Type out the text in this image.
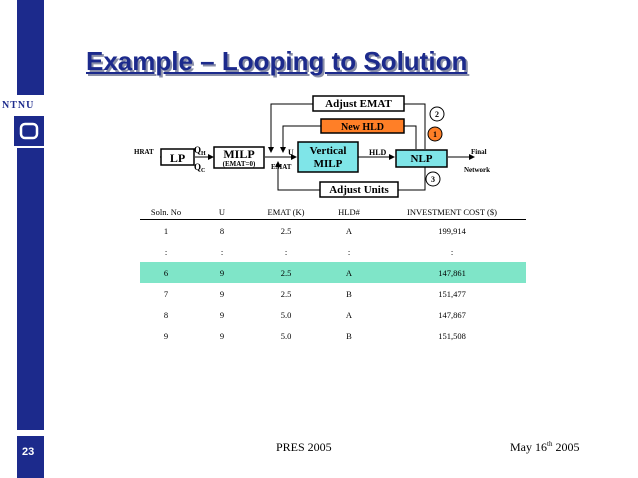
NTNU
23
Example – Looping to Solution
HRAT LP
$Q_H$
$Q_C$
MILP
(EMAT=0)
U
EMAT
Vertical
MILP
HLD
NLP
Final
Network
Adjust EMAT
New HLD
Adjust Units
2
1
3
Soln. No	U	EMAT (K)	HLD#	INVESTMENT COST ($)
1	8	2.5	A	199,914
:	:	:	:	:
6	9	2.5	A	147,861
7	9	2.5	B	151,477
8	9	5.0	A	147,867
9	9	5.0	B	151,508
PRES 2005	May 16th 2005
